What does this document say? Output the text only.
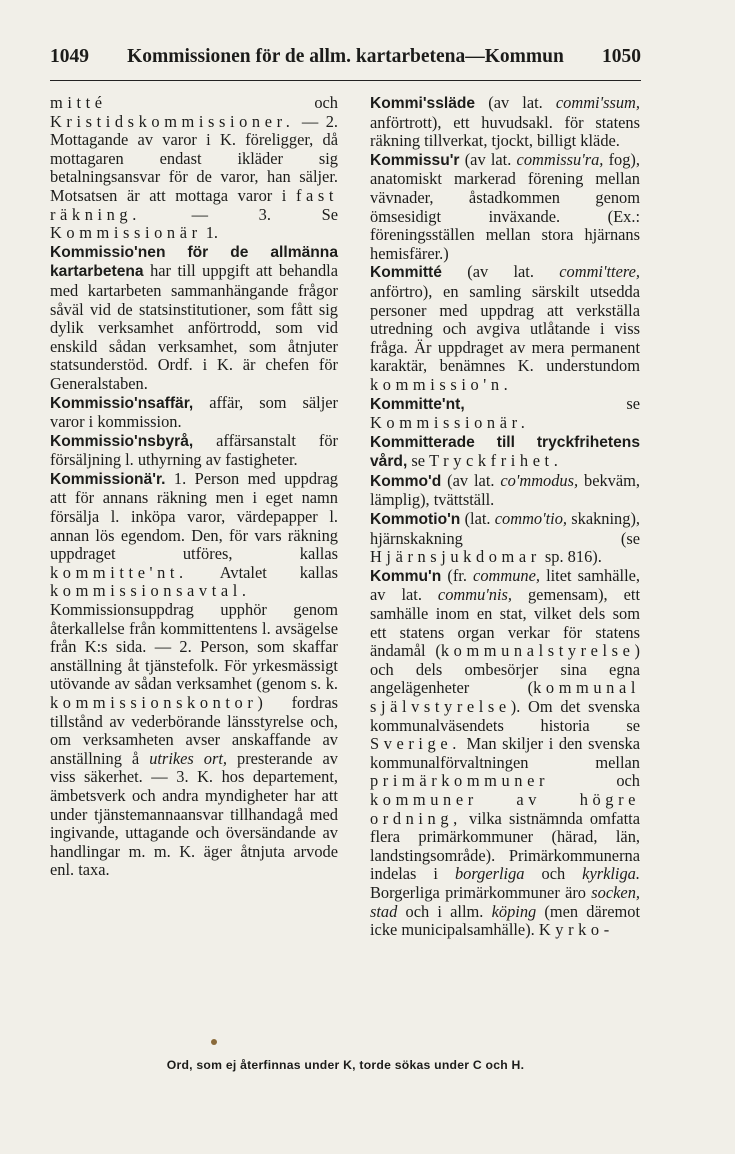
1049	Kommissionen för de allm. kartarbetena—Kommun	1050

mitté och Kristidskommissioner. — 2. Mottagande av varor i K. föreligger, då mottagaren endast ikläder sig betalningsansvar för de varor, han säljer. Motsatsen är att mottaga varor i fast räkning. — 3. Se Kommissionär 1.

Kommissio'nen för de allmänna kartarbetena har till uppgift att behandla med kartarbeten sammanhängande frågor såväl vid de statsinstitutioner, som fått sig dylik verksamhet anförtrodd, som vid enskild sådan verksamhet, som åtnjuter statsunderstöd. Ordf. i K. är chefen för Generalstaben.

Kommissio'nsaffär, affär, som säljer varor i kommission.

Kommissio'nsbyrå, affärsanstalt för försäljning l. uthyrning av fastigheter.

Kommissionä'r. 1. Person med uppdrag att för annans räkning men i eget namn försälja l. inköpa varor, värdepapper l. annan lös egendom. Den, för vars räkning uppdraget utföres, kallas kommitte'nt. Avtalet kallas kommissionsavtal. Kommissionsuppdrag upphör genom återkallelse från kommittentens l. avsägelse från K:s sida. — 2. Person, som skaffar anställning åt tjänstefolk. För yrkesmässigt utövande av sådan verksamhet (genom s. k. kommissionskontor) fordras tillstånd av vederbörande länsstyrelse och, om verksamheten avser anskaffande av anställning å utrikes ort, presterande av viss säkerhet. — 3. K. hos departement, ämbetsverk och andra myndigheter har att under tjänstemannaansvar tillhandagå med ingivande, uttagande och översändande av handlingar m. m. K. äger åtnjuta arvode enl. taxa.

Kommi'ssläde (av lat. commi'ssum, anförtrott), ett huvudsakl. för statens räkning tillverkat, tjockt, billigt kläde.

Kommissu'r (av lat. commissu'ra, fog), anatomiskt markerad förening mellan vävnader, åstadkommen genom ömsesidigt inväxande. (Ex.: föreningsställen mellan stora hjärnans hemisfärer.)

Kommitté (av lat. commi'ttere, anförtro), en samling särskilt utsedda personer med uppdrag att verkställa utredning och avgiva utlåtande i viss fråga. Är uppdraget av mera permanent karaktär, benämnes K. understundom kommissio'n.

Kommitte'nt, se Kommissionär.

Kommitterade till tryckfrihetens vård, se Tryckfrihet.

Kommo'd (av lat. co'mmodus, bekväm, lämplig), tvättställ.

Kommotio'n (lat. commo'tio, skakning), hjärnskakning (se Hjärnsjukdomar sp. 816).

Kommu'n (fr. commune, litet samhälle, av lat. commu'nis, gemensam), ett samhälle inom en stat, vilket dels som ett statens organ verkar för statens ändamål (kommunalstyrelse) och dels ombesörjer sina egna angelägenheter (kommunal självstyrelse). Om det svenska kommunalväsendets historia se Sverige. Man skiljer i den svenska kommunalförvaltningen mellan primärkommuner och kommuner av högre ordning, vilka sistnämnda omfatta flera primärkommuner (härad, län, landstingsområde). Primärkommunerna indelas i borgerliga och kyrkliga. Borgerliga primärkommuner äro socken, stad och i allm. köping (men däremot icke municipalsamhälle). Kyrko-

Ord, som ej återfinnas under K, torde sökas under C och H.
